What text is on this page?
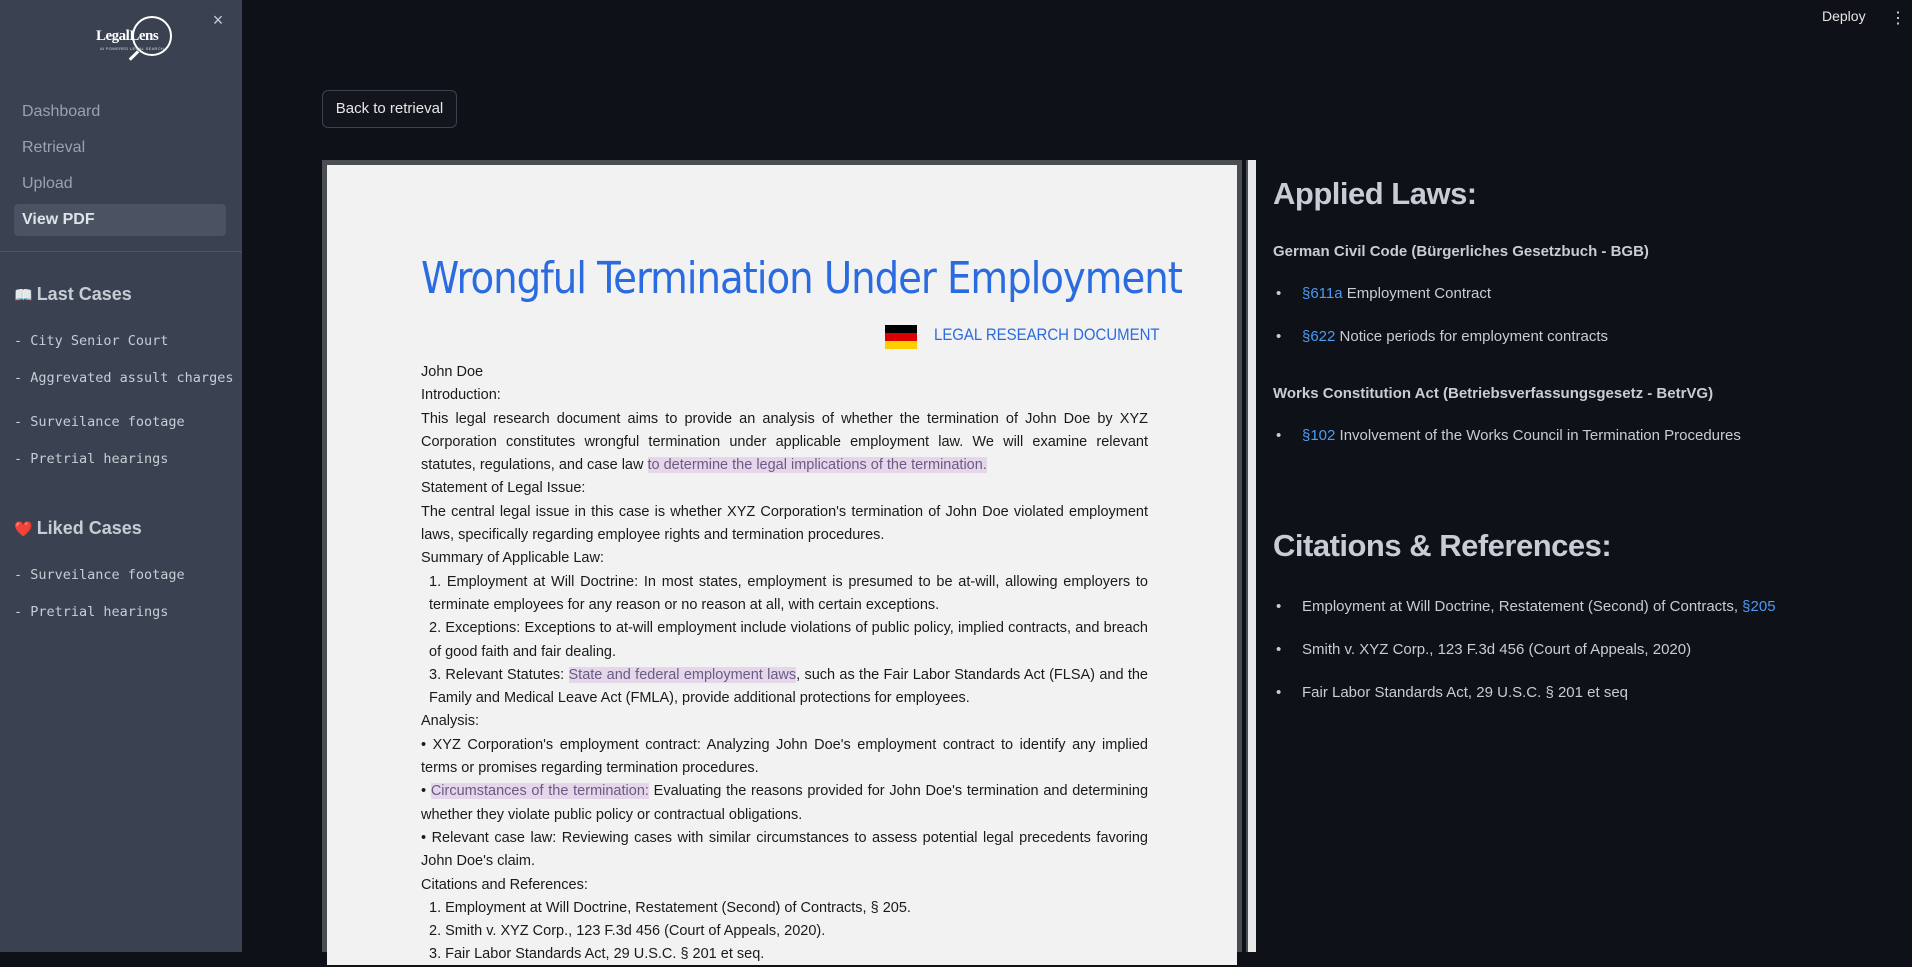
LegalLens
AI POWERED LEGAL SEARCH
×
Dashboard
Retrieval
Upload
View PDF
📖 Last Cases
- City Senior Court
- Aggrevated assult charges
- Surveilance footage
- Pretrial hearings
❤️ Liked Cases
- Surveilance footage
- Pretrial hearings
Deploy ⋮
Back to retrieval
Wrongful Termination Under Employment
LEGAL RESEARCH DOCUMENT

John Doe

Introduction:

This legal research document aims to provide an analysis of whether the termination of John Doe by XYZ Corporation constitutes wrongful termination under applicable employment law. We will examine relevant statutes, regulations, and case law to determine the legal implications of the termination.

Statement of Legal Issue:

The central legal issue in this case is whether XYZ Corporation's termination of John Doe violated employment laws, specifically regarding employee rights and termination procedures.

Summary of Applicable Law:

1. Employment at Will Doctrine: In most states, employment is presumed to be at-will, allowing employers to terminate employees for any reason or no reason at all, with certain exceptions.

2. Exceptions: Exceptions to at-will employment include violations of public policy, implied contracts, and breach of good faith and fair dealing.

3. Relevant Statutes: State and federal employment laws, such as the Fair Labor Standards Act (FLSA) and the Family and Medical Leave Act (FMLA), provide additional protections for employees.

Analysis:

• XYZ Corporation's employment contract: Analyzing John Doe's employment contract to identify any implied terms or promises regarding termination procedures.

• Circumstances of the termination: Evaluating the reasons provided for John Doe's termination and determining whether they violate public policy or contractual obligations.

• Relevant case law: Reviewing cases with similar circumstances to assess potential legal precedents favoring John Doe's claim.

Citations and References:

1. Employment at Will Doctrine, Restatement (Second) of Contracts, § 205.

2. Smith v. XYZ Corp., 123 F.3d 456 (Court of Appeals, 2020).

3. Fair Labor Standards Act, 29 U.S.C. § 201 et seq.

Applied Laws:
German Civil Code (Bürgerliches Gesetzbuch - BGB)
• §611a Employment Contract
• §622 Notice periods for employment contracts
Works Constitution Act (Betriebsverfassungsgesetz - BetrVG)
• §102 Involvement of the Works Council in Termination Procedures
Citations & References:
• Employment at Will Doctrine, Restatement (Second) of Contracts, §205
• Smith v. XYZ Corp., 123 F.3d 456 (Court of Appeals, 2020)
• Fair Labor Standards Act, 29 U.S.C. § 201 et seq
